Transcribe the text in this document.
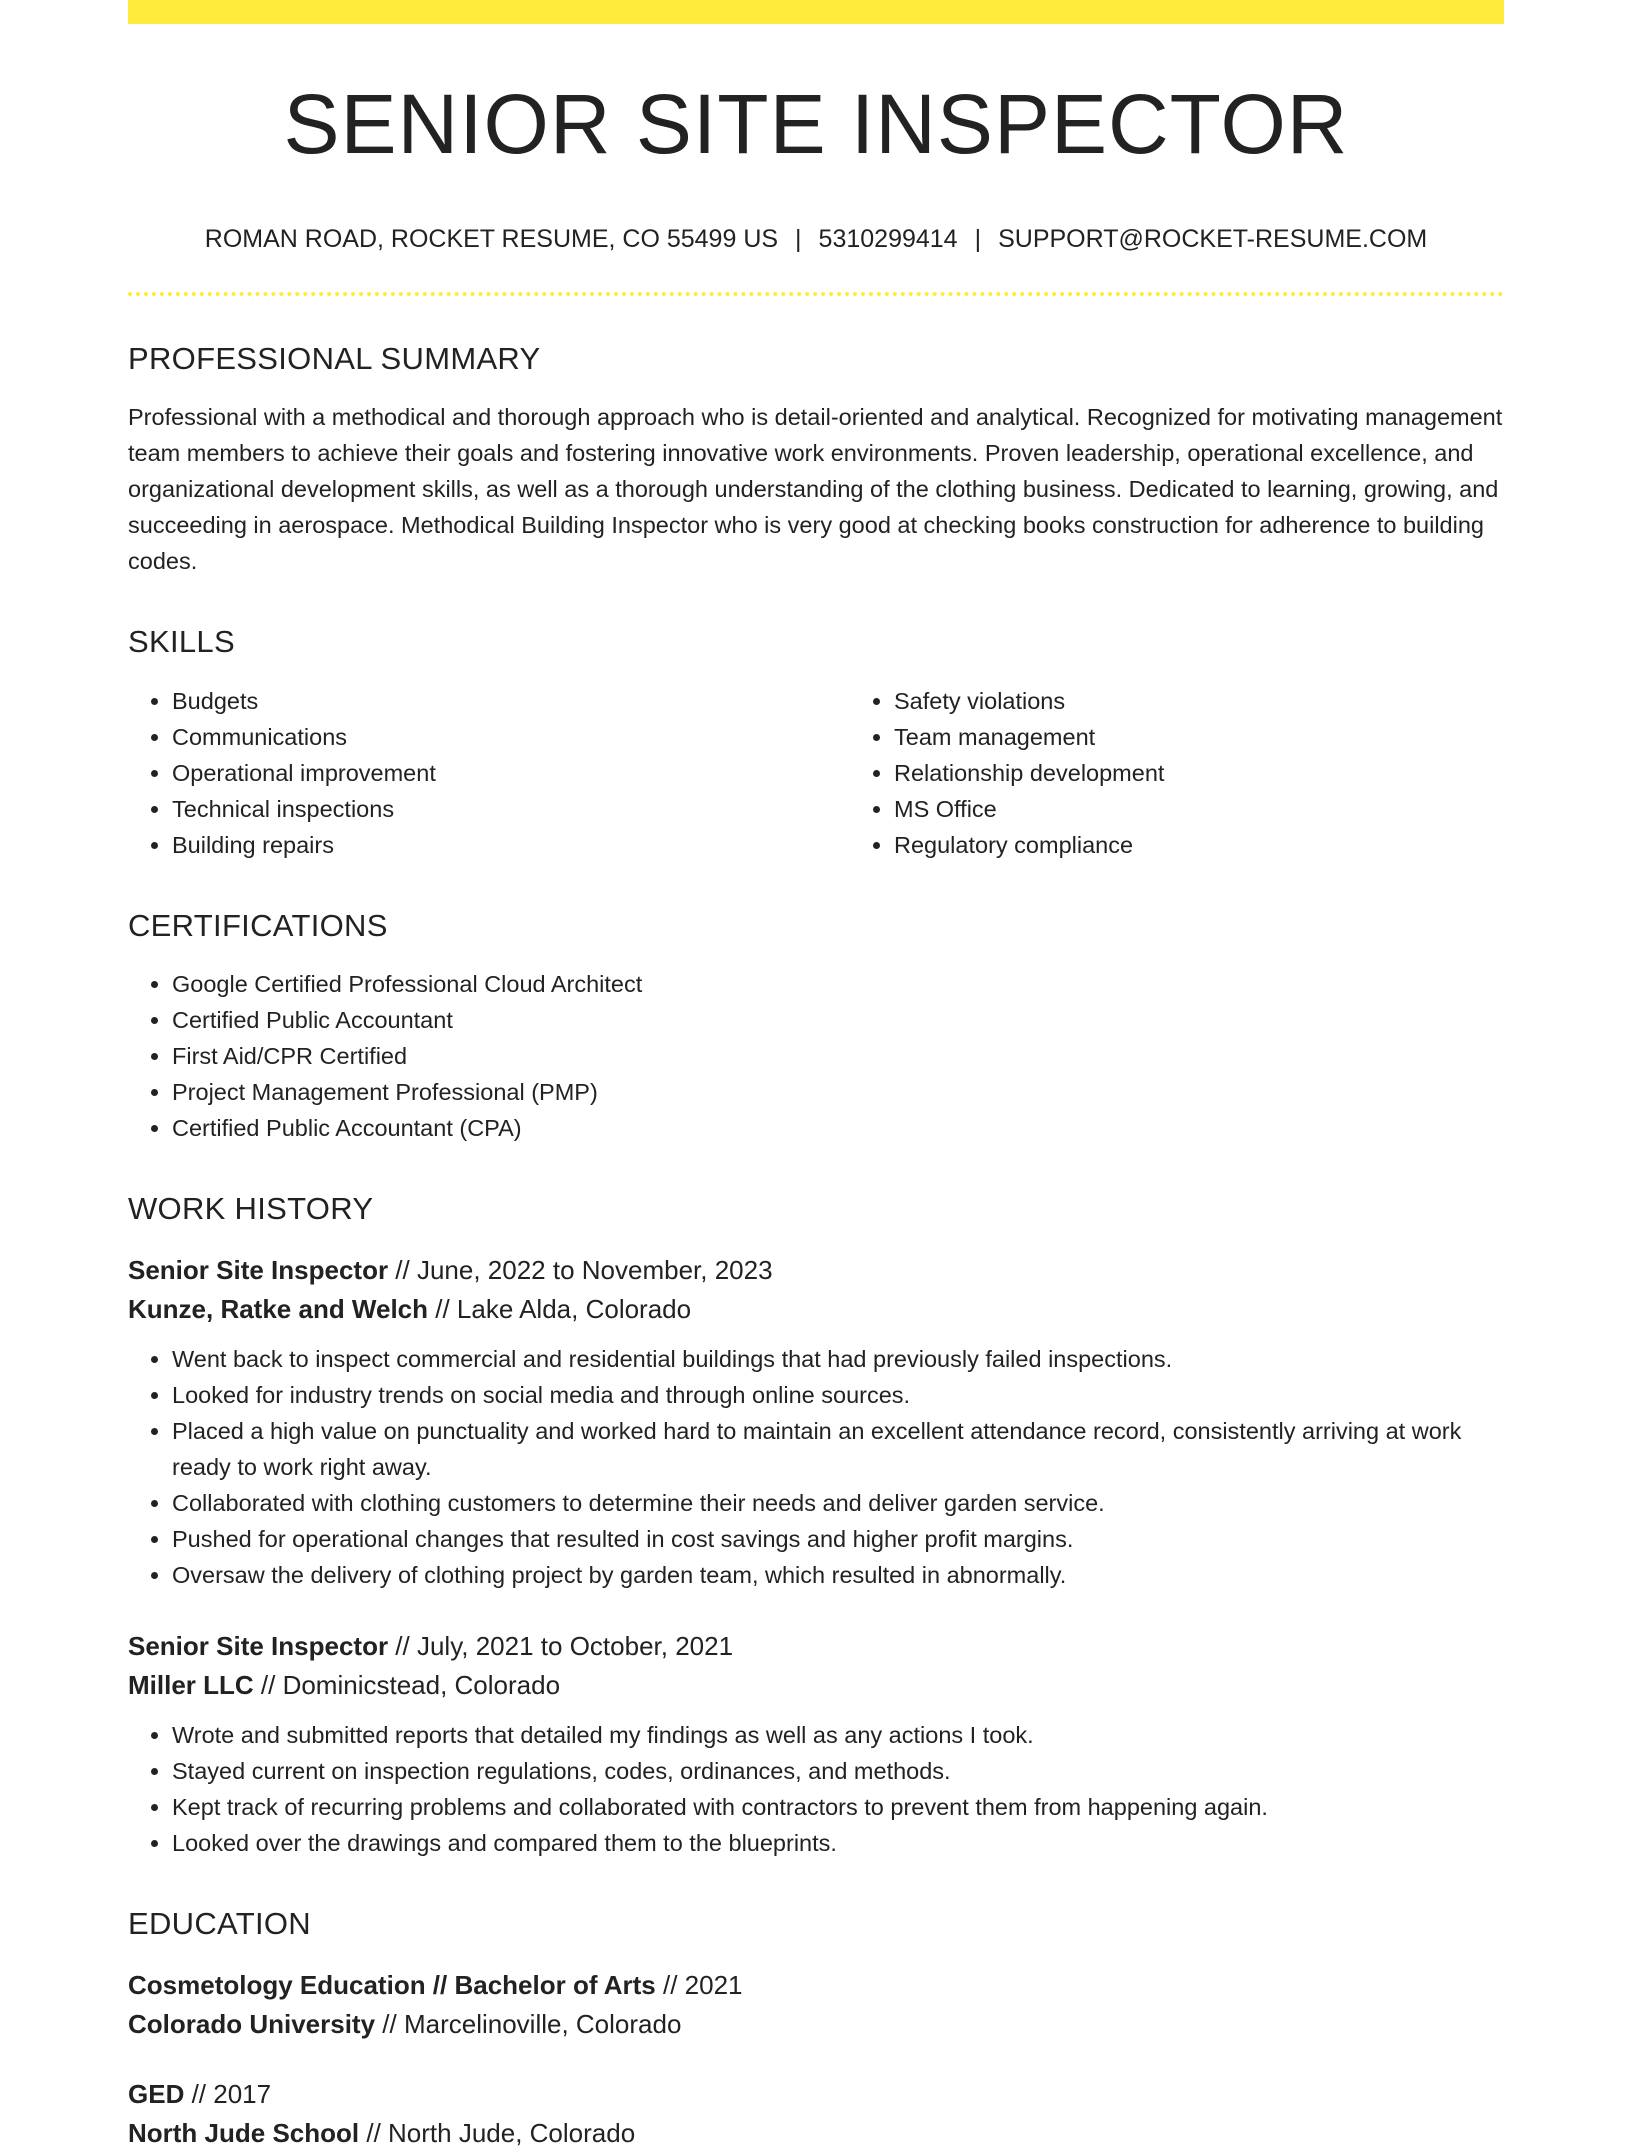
SENIOR SITE INSPECTOR
ROMAN ROAD, ROCKET RESUME, CO 55499 US | 5310299414 | SUPPORT@ROCKET-RESUME.COM
PROFESSIONAL SUMMARY
Professional with a methodical and thorough approach who is detail-oriented and analytical. Recognized for motivating management team members to achieve their goals and fostering innovative work environments. Proven leadership, operational excellence, and organizational development skills, as well as a thorough understanding of the clothing business. Dedicated to learning, growing, and succeeding in aerospace. Methodical Building Inspector who is very good at checking books construction for adherence to building codes.
SKILLS
• Budgets
• Communications
• Operational improvement
• Technical inspections
• Building repairs
• Safety violations
• Team management
• Relationship development
• MS Office
• Regulatory compliance
CERTIFICATIONS
• Google Certified Professional Cloud Architect
• Certified Public Accountant
• First Aid/CPR Certified
• Project Management Professional (PMP)
• Certified Public Accountant (CPA)
WORK HISTORY
Senior Site Inspector // June, 2022 to November, 2023
Kunze, Ratke and Welch // Lake Alda, Colorado
• Went back to inspect commercial and residential buildings that had previously failed inspections.
• Looked for industry trends on social media and through online sources.
• Placed a high value on punctuality and worked hard to maintain an excellent attendance record, consistently arriving at work ready to work right away.
• Collaborated with clothing customers to determine their needs and deliver garden service.
• Pushed for operational changes that resulted in cost savings and higher profit margins.
• Oversaw the delivery of clothing project by garden team, which resulted in abnormally.
Senior Site Inspector // July, 2021 to October, 2021
Miller LLC // Dominicstead, Colorado
• Wrote and submitted reports that detailed my findings as well as any actions I took.
• Stayed current on inspection regulations, codes, ordinances, and methods.
• Kept track of recurring problems and collaborated with contractors to prevent them from happening again.
• Looked over the drawings and compared them to the blueprints.
EDUCATION
Cosmetology Education // Bachelor of Arts // 2021
Colorado University // Marcelinoville, Colorado
GED // 2017
North Jude School // North Jude, Colorado
